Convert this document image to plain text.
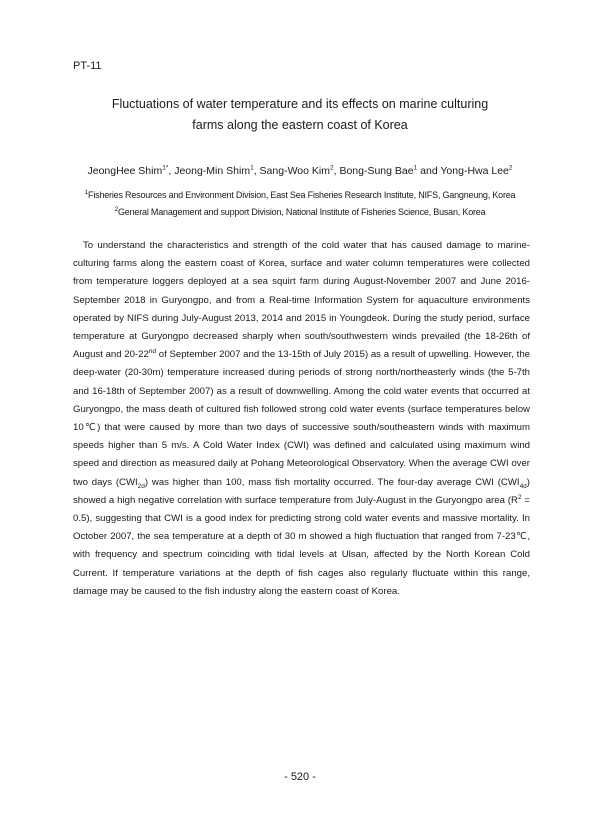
PT-11
Fluctuations of water temperature and its effects on marine culturing
farms along the eastern coast of Korea
JeongHee Shim$^{1*}$, Jeong-Min Shim$^1$, Sang-Woo Kim$^2$, Bong-Sung Bae$^1$ and Yong-Hwa Lee$^2$
$^1$Fisheries Resources and Environment Division, East Sea Fisheries Research Institute, NIFS, Gangneung, Korea
$^2$General Management and support Division, National Institute of Fisheries Science, Busan, Korea

To understand the characteristics and strength of the cold water that has caused damage to marine-culturing farms along the eastern coast of Korea, surface and water column temperatures were collected from temperature loggers deployed at a sea squirt farm during August-November 2007 and June 2016-September 2018 in Guryongpo, and from a Real-time Information System for aquaculture environments operated by NIFS during July-August 2013, 2014 and 2015 in Youngdeok. During the study period, surface temperature at Guryongpo decreased sharply when south/southwestern winds prevailed (the 18-26th of August and 20-22nd of September 2007 and the 13-15th of July 2015) as a result of upwelling. However, the deep-water (20-30m) temperature increased during periods of strong north/northeasterly winds (the 5-7th and 16-18th of September 2007) as a result of downwelling. Among the cold water events that occurred at Guryongpo, the mass death of cultured fish followed strong cold water events (surface temperatures below 10℃) that were caused by more than two days of successive south/southeastern winds with maximum speeds higher than 5 m/s. A Cold Water Index (CWI) was defined and calculated using maximum wind speed and direction as measured daily at Pohang Meteorological Observatory. When the average CWI over two days $(CWI_{2d})$ was higher than 100, mass fish mortality occurred. The four-day average CWI $(CWI_{4d})$ showed a high negative correlation with surface temperature from July-August in the Guryongpo area $(R^2 = 0.5)$, suggesting that CWI is a good index for predicting strong cold water events and massive mortality. In October 2007, the sea temperature at a depth of 30 m showed a high fluctuation that ranged from 7-23℃, with frequency and spectrum coinciding with tidal levels at Ulsan, affected by the North Korean Cold Current. If temperature variations at the depth of fish cages also regularly fluctuate within this range, damage may be caused to the fish industry along the eastern coast of Korea.

- 520 -
